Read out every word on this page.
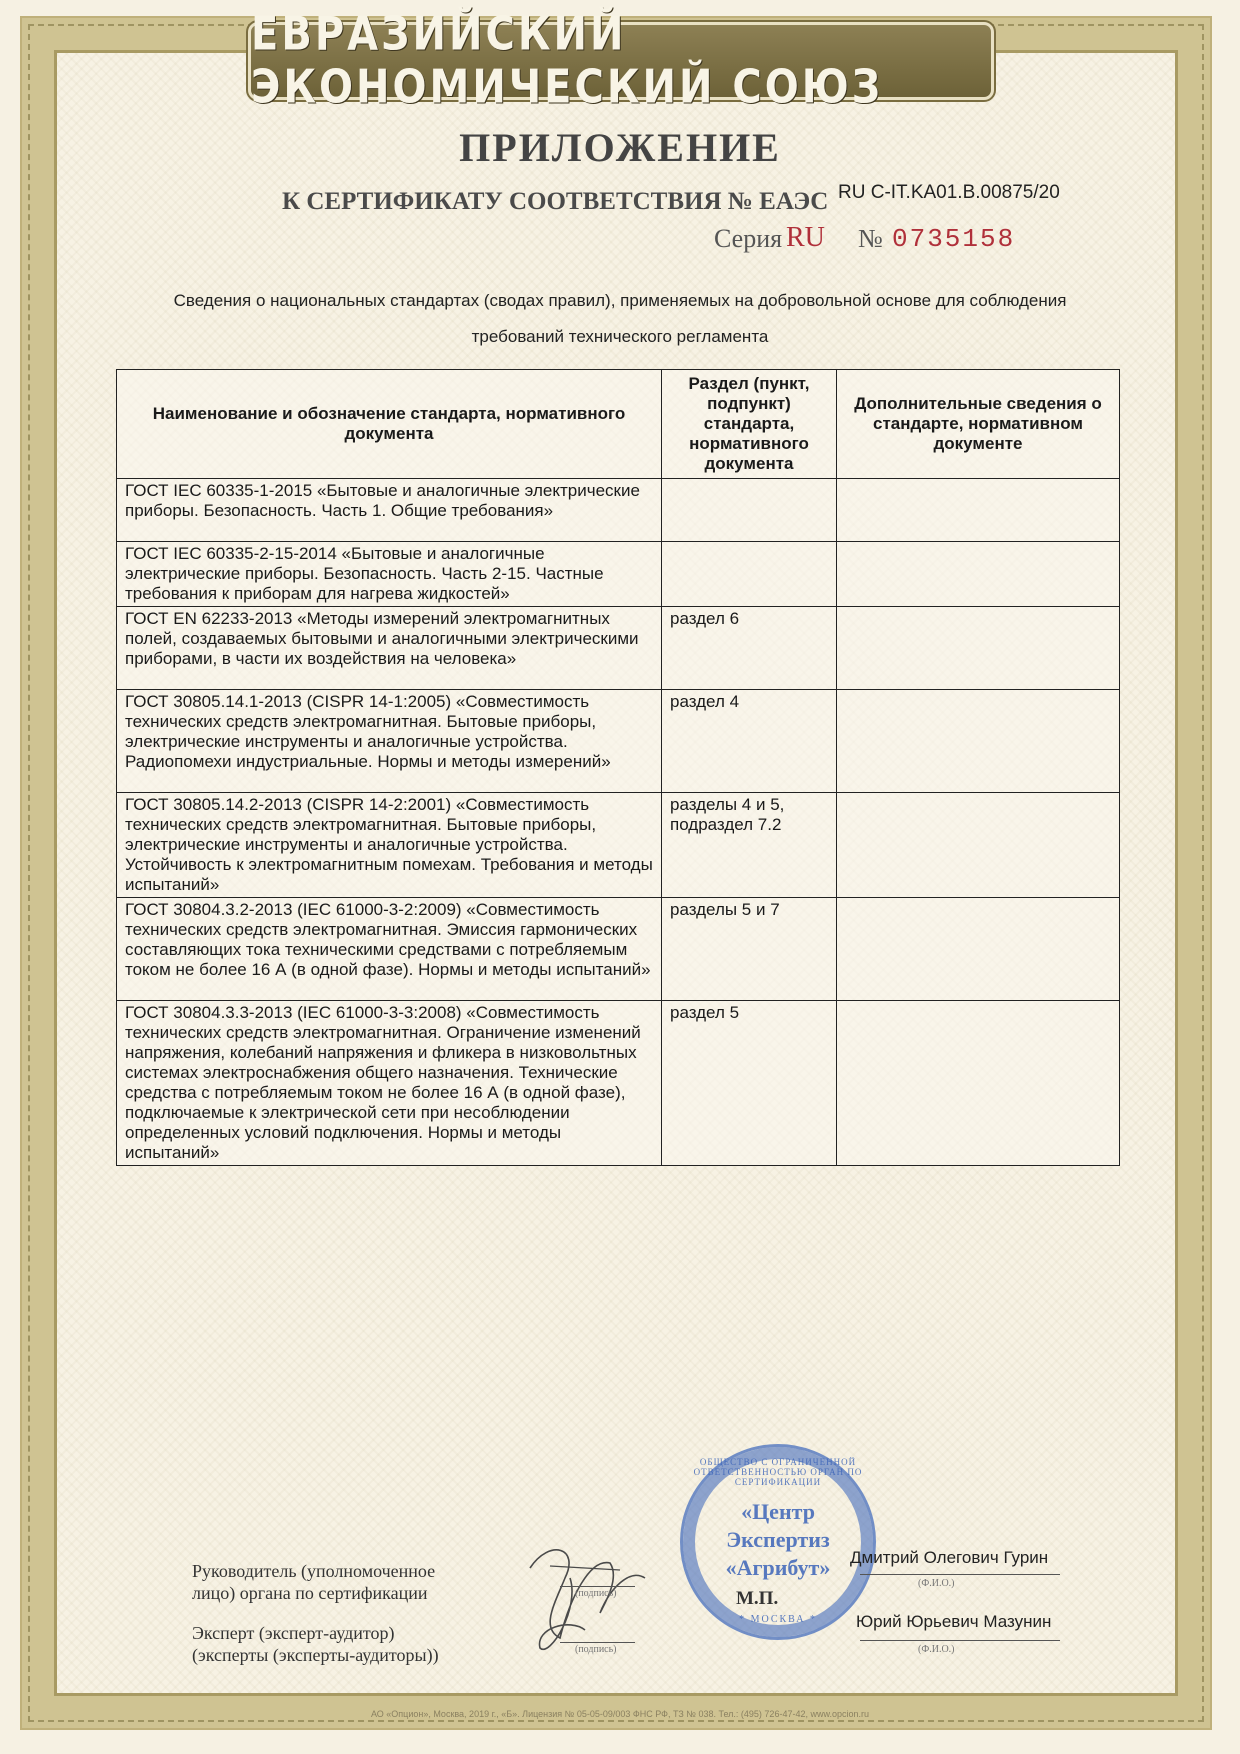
ЕВРАЗИЙСКИЙ ЭКОНОМИЧЕСКИЙ СОЮЗ
ПРИЛОЖЕНИЕ
К СЕРТИФИКАТУ СООТВЕТСТВИЯ № ЕАЭС RU C-IT.KA01.B.00875/20
Серия RU № 0735158
Сведения о национальных стандартах (сводах правил), применяемых на добровольной основе для соблюдения
требований технического регламента
Наименование и обозначение стандарта, нормативного документа	Раздел (пункт, подпункт) стандарта, нормативного документа	Дополнительные сведения о стандарте, нормативном документе
ГОСТ IEC 60335-1-2015 «Бытовые и аналогичные электрические приборы. Безопасность. Часть 1. Общие требования»		
ГОСТ IEC 60335-2-15-2014 «Бытовые и аналогичные электрические приборы. Безопасность. Часть 2-15. Частные требования к приборам для нагрева жидкостей»		
ГОСТ EN 62233-2013 «Методы измерений электромагнитных полей, создаваемых бытовыми и аналогичными электрическими приборами, в части их воздействия на человека»	раздел 6	
ГОСТ 30805.14.1-2013 (CISPR 14-1:2005) «Совместимость технических средств электромагнитная. Бытовые приборы, электрические инструменты и аналогичные устройства. Радиопомехи индустриальные. Нормы и методы измерений»	раздел 4	
ГОСТ 30805.14.2-2013 (CISPR 14-2:2001) «Совместимость технических средств электромагнитная. Бытовые приборы, электрические инструменты и аналогичные устройства. Устойчивость к электромагнитным помехам. Требования и методы испытаний»	разделы 4 и 5, подраздел 7.2	
ГОСТ 30804.3.2-2013 (IEC 61000-3-2:2009) «Совместимость технических средств электромагнитная. Эмиссия гармонических составляющих тока техническими средствами с потребляемым током не более 16 А (в одной фазе). Нормы и методы испытаний»	разделы 5 и 7	
ГОСТ 30804.3.3-2013 (IEC 61000-3-3:2008) «Совместимость технических средств электромагнитная. Ограничение изменений напряжения, колебаний напряжения и фликера в низковольтных системах электроснабжения общего назначения. Технические средства с потребляемым током не более 16 А (в одной фазе), подключаемые к электрической сети при несоблюдении определенных условий подключения. Нормы и методы испытаний»	раздел 5	
Руководитель (уполномоченное
лицо) органа по сертификации	(подпись)
ОБЩЕСТВО С ОГРАНИЧЕННОЙ ОТВЕТСТВЕННОСТЬЮ ОРГАН ПО СЕРТИФИКАЦИИ
«Центр
Экспертиз
«Агрибут»
* МОСКВА *
М.П.
Дмитрий Олегович Гурин
(Ф.И.О.)
Эксперт (эксперт-аудитор)
(эксперты (эксперты-аудиторы))	(подпись)
Юрий Юрьевич Мазунин
(Ф.И.О.)
АО «Опцион», Москва, 2019 г., «Б». Лицензия № 05-05-09/003 ФНС РФ, ТЗ № 038. Тел.: (495) 726-47-42, www.opcion.ru
